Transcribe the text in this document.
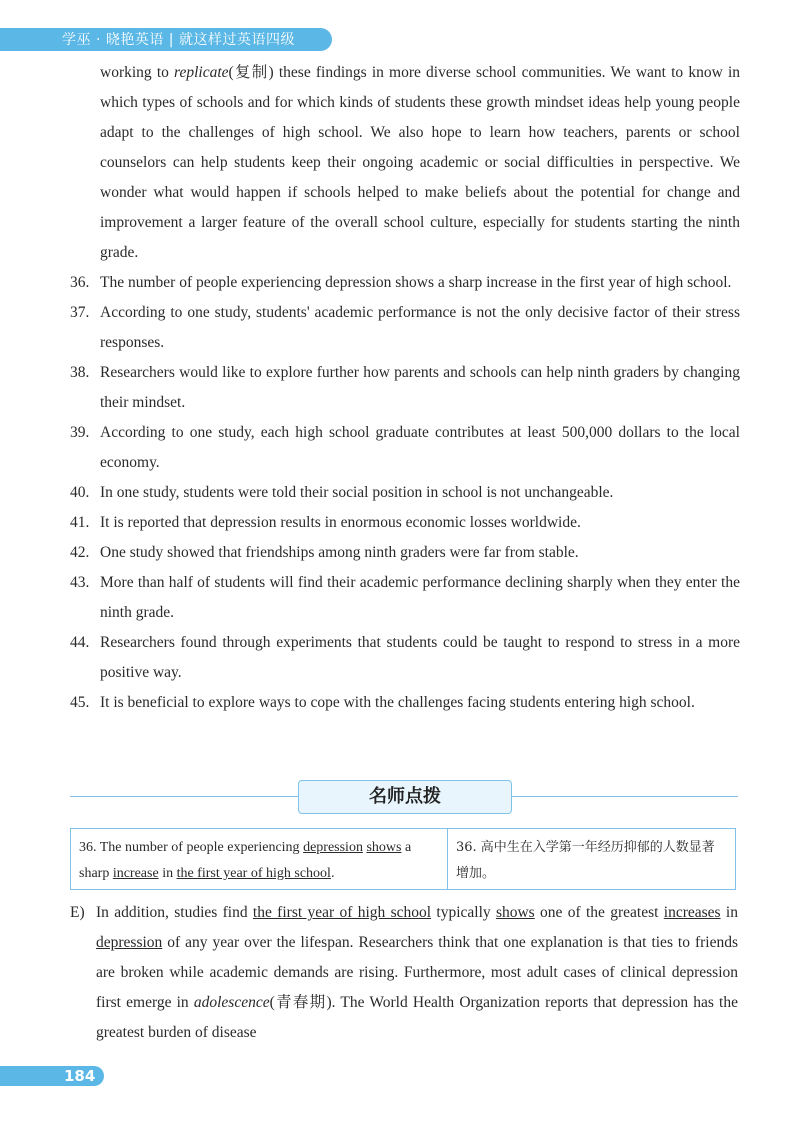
学巫 · 晓艳英语 | 就这样过英语四级

working to replicate(复制) these findings in more diverse school communities. We want to know in which types of schools and for which kinds of students these growth mindset ideas help young people adapt to the challenges of high school. We also hope to learn how teachers, parents or school counselors can help students keep their ongoing academic or social difficulties in perspective. We wonder what would happen if schools helped to make beliefs about the potential for change and improvement a larger feature of the overall school culture, especially for students starting the ninth grade.

36. The number of people experiencing depression shows a sharp increase in the first year of high school.
37. According to one study, students' academic performance is not the only decisive factor of their stress responses.
38. Researchers would like to explore further how parents and schools can help ninth graders by changing their mindset.
39. According to one study, each high school graduate contributes at least 500,000 dollars to the local economy.
40. In one study, students were told their social position in school is not unchangeable.
41. It is reported that depression results in enormous economic losses worldwide.
42. One study showed that friendships among ninth graders were far from stable.
43. More than half of students will find their academic performance declining sharply when they enter the ninth grade.
44. Researchers found through experiments that students could be taught to respond to stress in a more positive way.
45. It is beneficial to explore ways to cope with the challenges facing students entering high school.
名师点拨
36. The number of people experiencing depression shows a sharp increase in the first year of high school.
36. 高中生在入学第一年经历抑郁的人数显著增加。
E) In addition, studies find the first year of high school typically shows one of the greatest increases in depression of any year over the lifespan. Researchers think that one explanation is that ties to friends are broken while academic demands are rising. Furthermore, most adult cases of clinical depression first emerge in adolescence(青春期). The World Health Organization reports that depression has the greatest burden of disease
184
